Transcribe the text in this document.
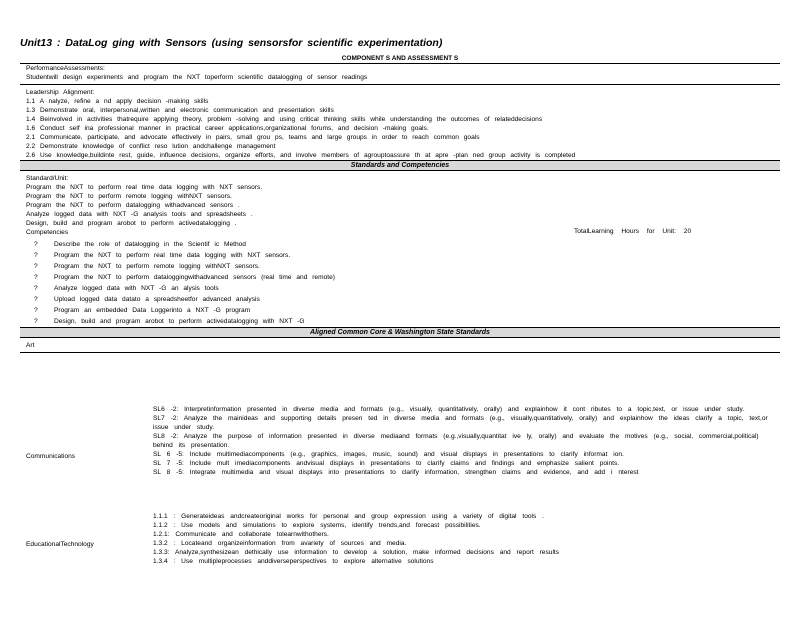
Unit13 : DataLog ging with Sensors (using sensorsfor scientific experimentation)
COMPONENT S AND ASSESSMENT S
PerformanceAssessments:
Studentwill design experiments and program the NXT toperform scientific datalogging of sensor readings
Leadership Alignment:
1.1 A nalyze, refine a nd apply decision -making skills
1.3 Demonstrate oral, interpersonal,written and electronic communication and presentation skills
1.4 Beinvolved in activities thatrequire applying theory, problem -solving and using critical thinking skills while understanding the outcomes of relateddecisions
1.6 Conduct self ina professional manner in practical career applications,organizational forums, and decision -making goals.
2.1 Communicate, participate, and advocate effectively in pairs, small grou ps, teams and large groups in order to reach common goals
2.2 Demonstrate knowledge of conflict reso lution andchallenge management
2.6 Use knowledge,buildinte rest, guide, influence decisions, organize efforts, and involve members of agrouptoassure th at apre -plan ned group activity is completed
Standards and Competencies
Standard/Unit:
Program the NXT to perform real time data logging with NXT sensors.
Program the NXT to perform remote logging withNXT sensors.
Program the NXT to perform datalogging withadvanced sensors .
Analyze logged data with NXT -G analysis tools and spreadsheets .
Design, build and program arobot to perform activedatalogging .
Competencies	TotalLearning Hours for Unit: 20
? Describe the role of datalogging in the Scientif ic Method
? Program the NXT to perform real time data logging with NXT sensors.
? Program the NXT to perform remote logging withNXT sensors.
? Program the NXT to perform dataloggingwithadvanced sensors (real time and remote)
? Analyze logged data with NXT -G an alysis tools
? Upload logged data datato a spreadsheetfor advanced analysis
? Program an embedded Data Loggerinto a NXT -G program
? Design, build and program arobot to perform activedatalogging with NXT -G
Aligned Common Core & Washington State Standards
Art
Communications
SL6 -2: Interpretinformation presented in diverse media and formats (e.g., visually, quantitatively, orally) and explainhow it cont ributes to a topic,text, or issue under study.
SL7 -2: Analyze the mainideas and supporting details presen ted in diverse media and formats (e.g., visually,quantitatively, orally) and explainhow the ideas clarify a topic, text,or issue under study.
SL8 -2: Analyze the purpose of information presented in diverse mediaand formats (e.g.,visually,quantitat ive ly, orally) and evaluate the motives (e.g., social, commercial,political) behind its presentation.
SL 6 -5: Include multimediacomponents (e.g., graphics, images, music, sound) and visual displays in presentations to clarify informat ion.
SL 7 -5: Include mult imediacomponents andvisual displays in presentations to clarify claims and findings and emphasize salient points.
SL 8 -5: Integrate multimedia and visual displays into presentations to clarify information, strengthen claims and evidence, and add i nterest
EducationalTechnology
1.1.1 : Generateideas andcreateoriginal works for personal and group expression using a variety of digital tools .
1.1.2 : Use models and simulations to explore systems, identify trends,and forecast possibilities.
1.2.1: Communicate and collaborate tolearnwithothers.
1.3.2 : Locateand organizeinformation from avariety of sources and media.
1.3.3: Analyze,synthesizean dethically use information to develop a solution, make informed decisions and report results
1.3.4 : Use multipleprocesses anddiverseperspectives to explore alternative solutions
